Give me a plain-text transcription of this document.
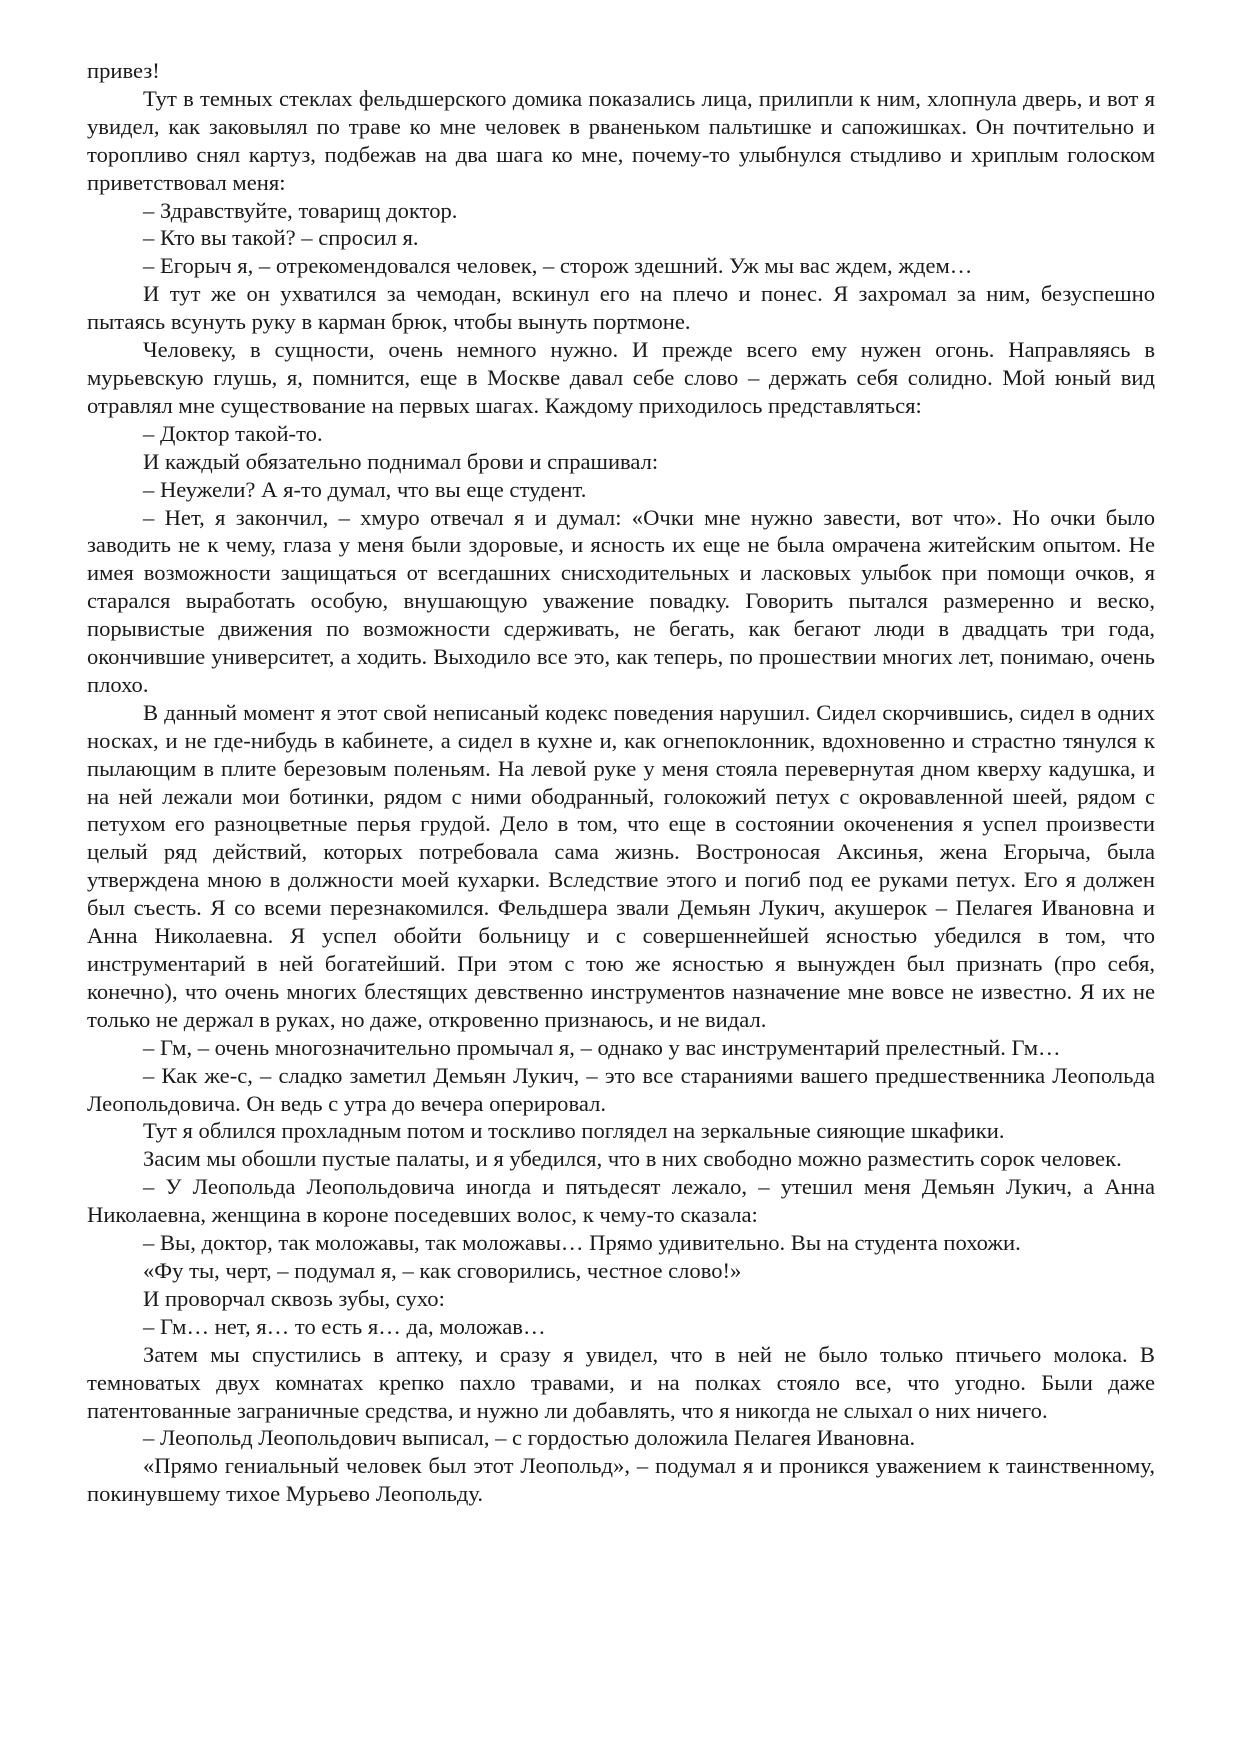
привез!

Тут в темных стеклах фельдшерского домика показались лица, прилипли к ним, хлопнула дверь, и вот я увидел, как заковылял по траве ко мне человек в рваненьком пальтишке и сапожишках. Он почтительно и торопливо снял картуз, подбежав на два шага ко мне, почему-то улыбнулся стыдливо и хриплым голоском приветствовал меня:

– Здравствуйте, товарищ доктор.

– Кто вы такой? – спросил я.

– Егорыч я, – отрекомендовался человек, – сторож здешний. Уж мы вас ждем, ждем…

И тут же он ухватился за чемодан, вскинул его на плечо и понес. Я захромал за ним, безуспешно пытаясь всунуть руку в карман брюк, чтобы вынуть портмоне.

Человеку, в сущности, очень немного нужно. И прежде всего ему нужен огонь. Направляясь в мурьевскую глушь, я, помнится, еще в Москве давал себе слово – держать себя солидно. Мой юный вид отравлял мне существование на первых шагах. Каждому приходилось представляться:

– Доктор такой-то.

И каждый обязательно поднимал брови и спрашивал:

– Неужели? А я-то думал, что вы еще студент.

– Нет, я закончил, – хмуро отвечал я и думал: «Очки мне нужно завести, вот что». Но очки было заводить не к чему, глаза у меня были здоровые, и ясность их еще не была омрачена житейским опытом. Не имея возможности защищаться от всегдашних снисходительных и ласковых улыбок при помощи очков, я старался выработать особую, внушающую уважение повадку. Говорить пытался размеренно и веско, порывистые движения по возможности сдерживать, не бегать, как бегают люди в двадцать три года, окончившие университет, а ходить. Выходило все это, как теперь, по прошествии многих лет, понимаю, очень плохо.

В данный момент я этот свой неписаный кодекс поведения нарушил. Сидел скорчившись, сидел в одних носках, и не где-нибудь в кабинете, а сидел в кухне и, как огнепоклонник, вдохновенно и страстно тянулся к пылающим в плите березовым поленьям. На левой руке у меня стояла перевернутая дном кверху кадушка, и на ней лежали мои ботинки, рядом с ними ободранный, голокожий петух с окровавленной шеей, рядом с петухом его разноцветные перья грудой. Дело в том, что еще в состоянии окоченения я успел произвести целый ряд действий, которых потребовала сама жизнь. Востроносая Аксинья, жена Егорыча, была утверждена мною в должности моей кухарки. Вследствие этого и погиб под ее руками петух. Его я должен был съесть. Я со всеми перезнакомился. Фельдшера звали Демьян Лукич, акушерок – Пелагея Ивановна и Анна Николаевна. Я успел обойти больницу и с совершеннейшей ясностью убедился в том, что инструментарий в ней богатейший. При этом с тою же ясностью я вынужден был признать (про себя, конечно), что очень многих блестящих девственно инструментов назначение мне вовсе не известно. Я их не только не держал в руках, но даже, откровенно признаюсь, и не видал.

– Гм, – очень многозначительно промычал я, – однако у вас инструментарий прелестный. Гм…

– Как же-с, – сладко заметил Демьян Лукич, – это все стараниями вашего предшественника Леопольда Леопольдовича. Он ведь с утра до вечера оперировал.

Тут я облился прохладным потом и тоскливо поглядел на зеркальные сияющие шкафики.

Засим мы обошли пустые палаты, и я убедился, что в них свободно можно разместить сорок человек.

– У Леопольда Леопольдовича иногда и пятьдесят лежало, – утешил меня Демьян Лукич, а Анна Николаевна, женщина в короне поседевших волос, к чему-то сказала:

– Вы, доктор, так моложавы, так моложавы… Прямо удивительно. Вы на студента похожи.

«Фу ты, черт, – подумал я, – как сговорились, честное слово!»

И проворчал сквозь зубы, сухо:

– Гм… нет, я… то есть я… да, моложав…

Затем мы спустились в аптеку, и сразу я увидел, что в ней не было только птичьего молока. В темноватых двух комнатах крепко пахло травами, и на полках стояло все, что угодно. Были даже патентованные заграничные средства, и нужно ли добавлять, что я никогда не слыхал о них ничего.

– Леопольд Леопольдович выписал, – с гордостью доложила Пелагея Ивановна.

«Прямо гениальный человек был этот Леопольд», – подумал я и проникся уважением к таинственному, покинувшему тихое Мурьево Леопольду.
